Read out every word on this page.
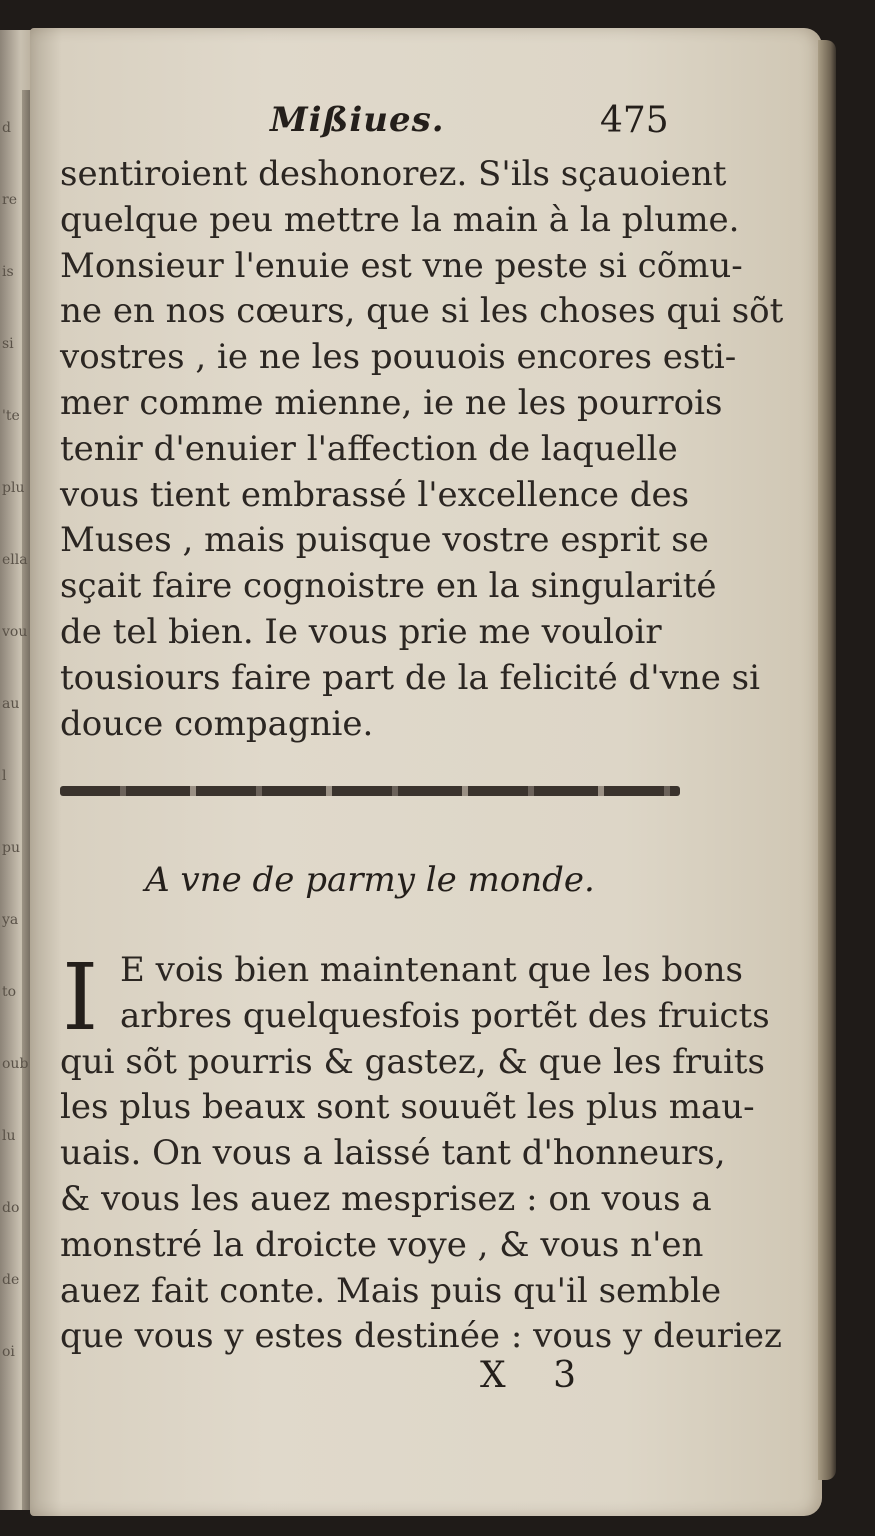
d
re
is
si
'te
plu
ella
vou
au
l
pu
ya
to
oub
lu
do
de
oi
Mißiues.	475
sentiroient deshonorez. S'ils sçauoient
quelque peu mettre la main à la plume.
Monsieur l'enuie est vne peste si cõmu-
ne en nos cœurs, que si les choses qui sõt
vostres , ie ne les pouuois encores esti-
mer comme mienne, ie ne les pourrois
tenir d'enuier l'affection de laquelle
vous tient embrassé l'excellence des
Muses , mais puisque vostre esprit se
sçait faire cognoistre en la singularité
de tel bien. Ie vous prie me vouloir
tousiours faire part de la felicité d'vne si
douce compagnie.
A vne de parmy le monde.
I E vois bien maintenant que les bons
arbres quelquesfois portẽt des fruicts
qui sõt pourris & gastez, & que les fruits
les plus beaux sont souuẽt les plus mau-
uais. On vous a laissé tant d'honneurs,
& vous les auez mesprisez : on vous a
monstré la droicte voye , & vous n'en
auez fait conte. Mais puis qu'il semble
que vous y estes destinée : vous y deuriez
X 3
